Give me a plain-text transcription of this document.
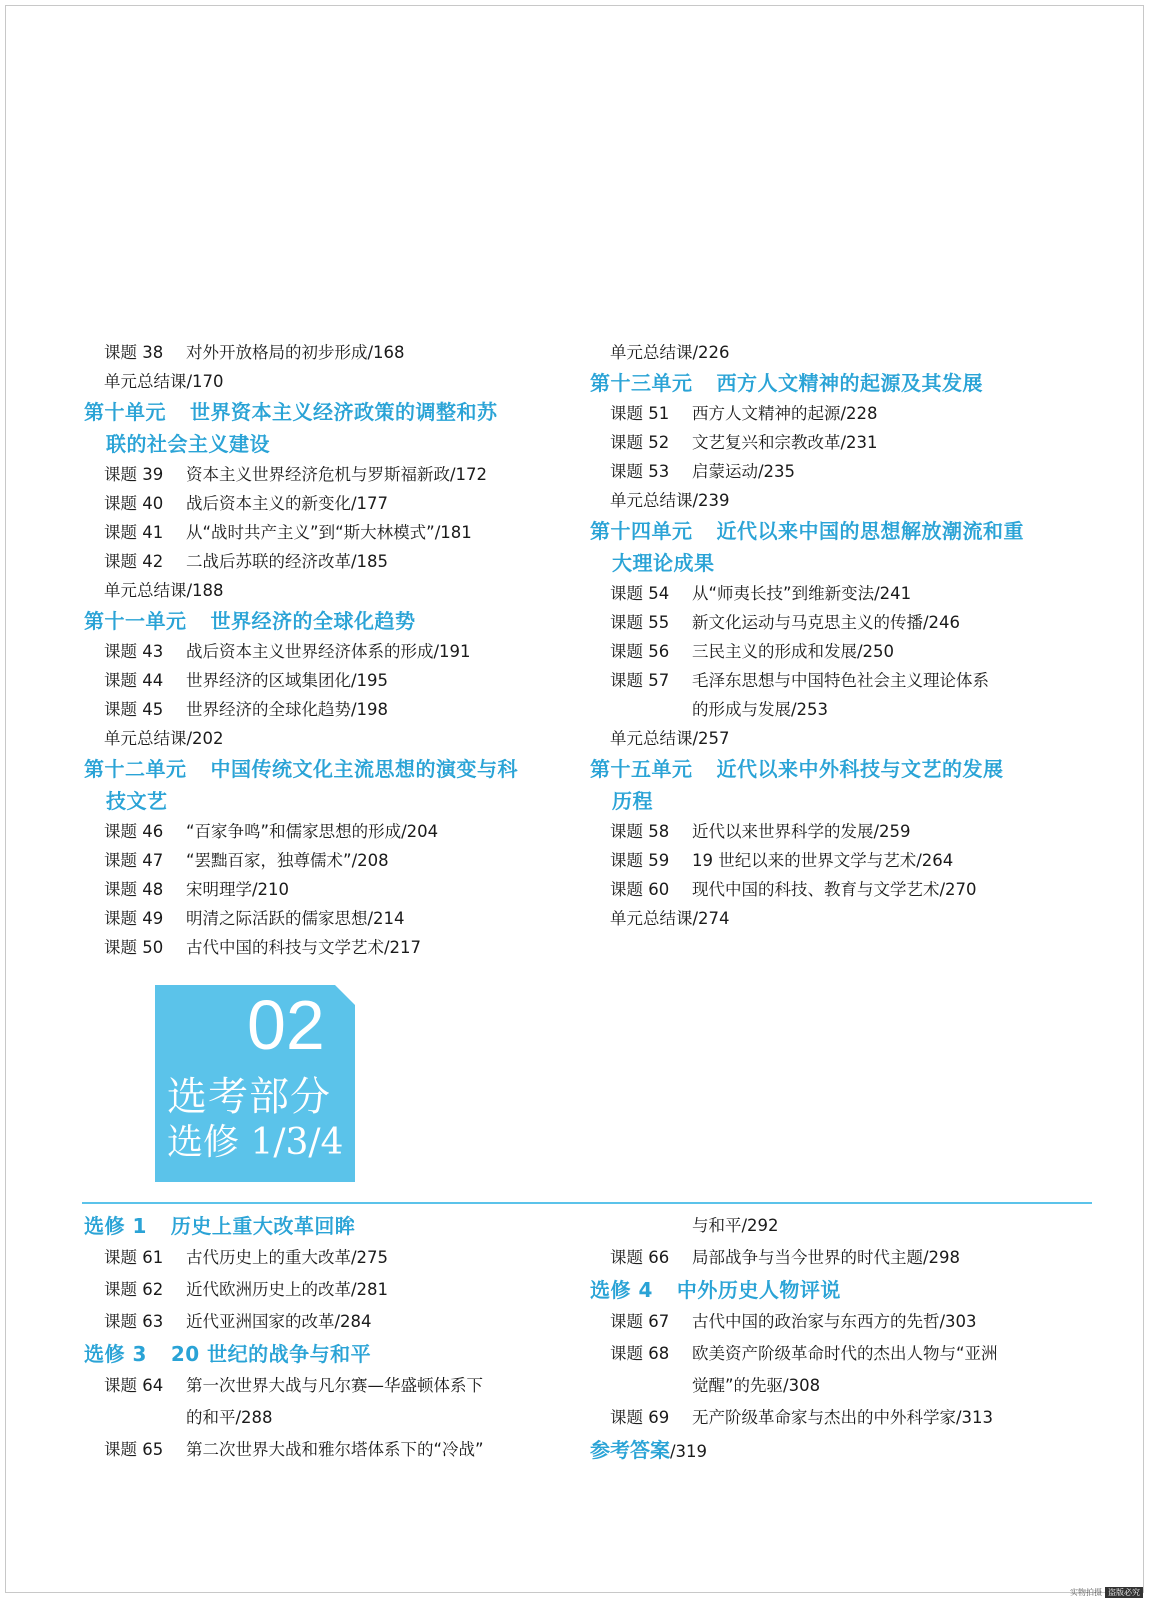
课题 38 对外开放格局的初步形成/168
单元总结课/170
第十单元 世界资本主义经济政策的调整和苏
联的社会主义建设
课题 39 资本主义世界经济危机与罗斯福新政/172
课题 40 战后资本主义的新变化/177
课题 41 从“战时共产主义”到“斯大林模式”/181
课题 42 二战后苏联的经济改革/185
单元总结课/188
第十一单元 世界经济的全球化趋势
课题 43 战后资本主义世界经济体系的形成/191
课题 44 世界经济的区域集团化/195
课题 45 世界经济的全球化趋势/198
单元总结课/202
第十二单元 中国传统文化主流思想的演变与科
技文艺
课题 46 “百家争鸣”和儒家思想的形成/204
课题 47 “罢黜百家，独尊儒术”/208
课题 48 宋明理学/210
课题 49 明清之际活跃的儒家思想/214
课题 50 古代中国的科技与文学艺术/217
单元总结课/226
第十三单元 西方人文精神的起源及其发展
课题 51 西方人文精神的起源/228
课题 52 文艺复兴和宗教改革/231
课题 53 启蒙运动/235
单元总结课/239
第十四单元 近代以来中国的思想解放潮流和重
大理论成果
课题 54 从“师夷长技”到维新变法/241
课题 55 新文化运动与马克思主义的传播/246
课题 56 三民主义的形成和发展/250
课题 57 毛泽东思想与中国特色社会主义理论体系
的形成与发展/253
单元总结课/257
第十五单元 近代以来中外科技与文艺的发展
历程
课题 58 近代以来世界科学的发展/259
课题 59 19 世纪以来的世界文学与艺术/264
课题 60 现代中国的科技、教育与文学艺术/270
单元总结课/274
02
选考部分
选修 1/3/4
选修 1 历史上重大改革回眸
课题 61 古代历史上的重大改革/275
课题 62 近代欧洲历史上的改革/281
课题 63 近代亚洲国家的改革/284
选修 3 20 世纪的战争与和平
课题 64 第一次世界大战与凡尔赛—华盛顿体系下
的和平/288
课题 65 第二次世界大战和雅尔塔体系下的“冷战”
与和平/292
课题 66 局部战争与当今世界的时代主题/298
选修 4 中外历史人物评说
课题 67 古代中国的政治家与东西方的先哲/303
课题 68 欧美资产阶级革命时代的杰出人物与“亚洲
觉醒”的先驱/308
课题 69 无产阶级革命家与杰出的中外科学家/313
参考答案/319
实物拍摄 盗版必究
